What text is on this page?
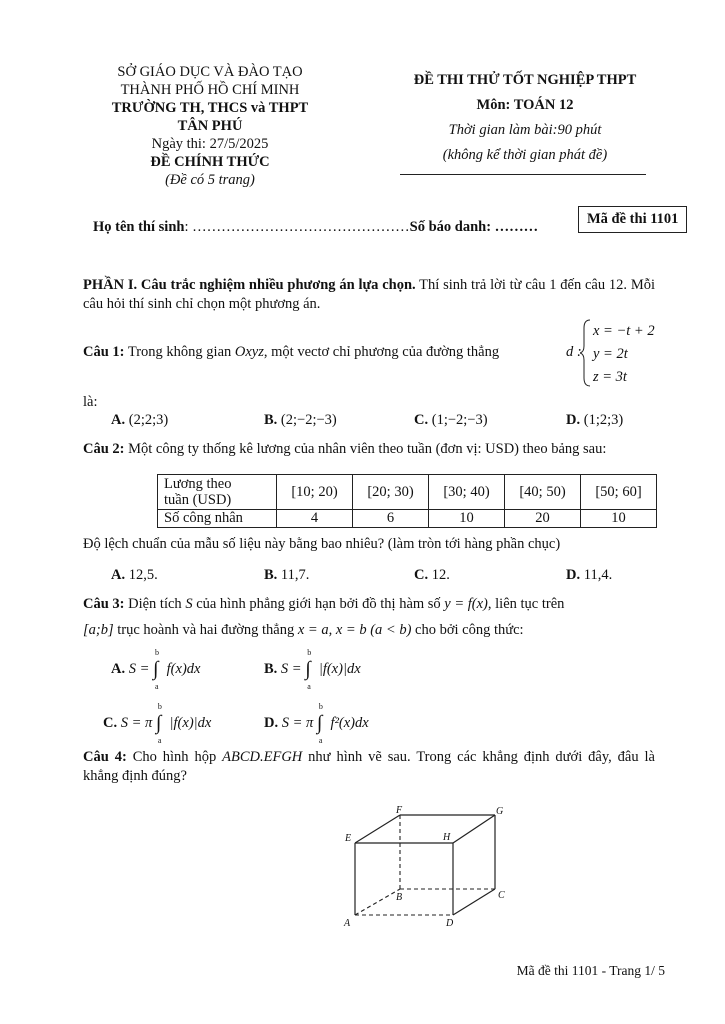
SỞ GIÁO DỤC VÀ ĐÀO TẠO
THÀNH PHỐ HỒ CHÍ MINH
TRƯỜNG TH, THCS và THPT
TÂN PHÚ
Ngày thi: 27/5/2025
ĐỀ CHÍNH THỨC
(Đề có 5 trang)
ĐỀ THI THỬ TỐT NGHIỆP THPT
Môn: TOÁN 12
Thời gian làm bài:90 phút
(không kể thời gian phát đề)
Họ tên thí sinh: ………………………………………Số báo danh: ………	Mã đề thi 1101
PHẦN I. Câu trắc nghiệm nhiều phương án lựa chọn. Thí sinh trả lời từ câu 1 đến câu 12. Mỗi câu hỏi thí sinh chỉ chọn một phương án.
Câu 1: Trong không gian Oxyz, một vectơ chỉ phương của đường thẳng	d :
x = −t + 2
y = 2t
z = 3t
là:
A. (2;2;3)	B. (2;−2;−3)	C. (1;−2;−3)	D. (1;2;3)
Câu 2: Một công ty thống kê lương của nhân viên theo tuần (đơn vị: USD) theo bảng sau:
Lương theo
tuần (USD)	[10; 20)	[20; 30)	[30; 40)	[40; 50)	[50; 60]
Số công nhân	4	6	10	20	10
Độ lệch chuẩn của mẫu số liệu này bằng bao nhiêu? (làm tròn tới hàng phần chục)
A. 12,5.	B. 11,7.	C. 12.	D. 11,4.
Câu 3: Diện tích S của hình phẳng giới hạn bởi đồ thị hàm số y = f(x), liên tục trên
[a;b] trục hoành và hai đường thẳng x = a, x = b (a < b) cho bởi công thức:
A. S = ∫
b
a
f(x)dx	B. S = ∫
b
a
|f(x)|dx
C. S = π ∫
b
a
|f(x)|dx	D. S = π ∫
b
a
f²(x)dx
Câu 4: Cho hình hộp ABCD.EFGH như hình vẽ sau. Trong các khẳng định dưới đây, đâu là khẳng định đúng?
A
B	C
D
E
F	G
H
Mã đề thi 1101 - Trang 1/ 5
